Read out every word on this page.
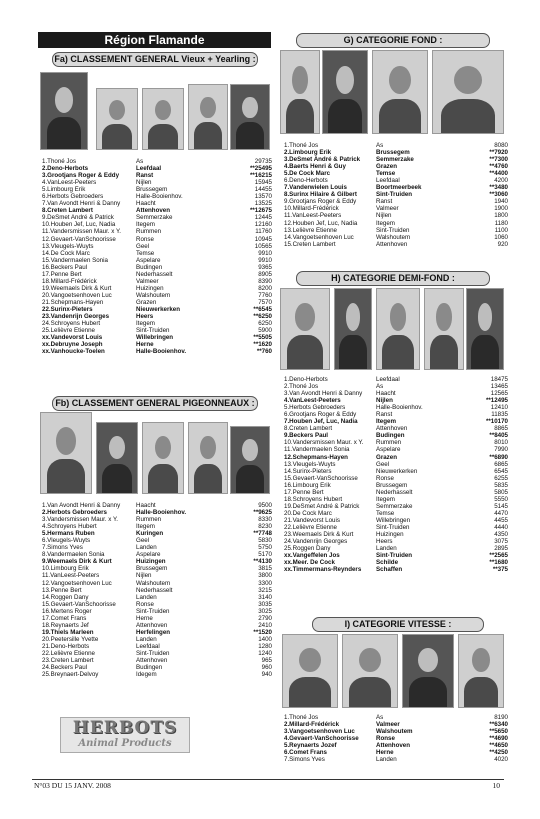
Région Flamande
Fa) CLASSEMENT GENERAL Vieux + Yearling :
1.Thoné Jos	As	29735
2.Deno-Herbots	Leefdaal	**25495
3.Grootjans Roger & Eddy	Ranst	**16215
4.VanLeest-Peeters	Nijlen	15945
5.Limbourg Erik	Brussegem	14455
6.Herbots Gebroeders	Halle-Booienhov.	13570
7.Van Avondt Henri & Danny	Haacht	13525
8.Creten Lambert	Attenhoven	**12675
9.DeSmet André & Patrick	Semmerzake	12445
10.Houben Jef, Luc, Nadia	Itegem	12160
11.Vandersmissen Maur. x Y.	Rummen	11760
12.Gevaert-VanSchoorisse	Ronse	10945
13.Vleugels-Wuyts	Geel	10565
14.De Cock Marc	Temse	9910
15.Vandermaelen Sonia	Aspelare	9910
16.Beckers Paul	Budingen	9365
17.Penne Bert	Nederhasselt	8905
18.Millard-Frédérick	Valmeer	8390
19.Weemaels Dirk & Kurt	Huizingen	8200
20.Vangoetsenhoven Luc	Walshoutem	7760
21.Schepmans-Hayen	Grazen	7570
22.Surinx-Pieters	Nieuwerkerken	**6545
23.Vandenrijn Georges	Heers	**6250
24.Schroyens Hubert	Itegem	6250
25.Lelièvre Etienne	Sint-Truiden	5900
xx.Vandevorst Louis	Willebringen	**5505
xx.Debruyne Joseph	Herne	**1620
xx.Vanhoucke-Toelen	Halle-Booienhov.	**760
Fb) CLASSEMENT GENERAL PIGEONNEAUX :
1.Van Avondt Henri & Danny	Haacht	9500
2.Herbots Gebroeders	Halle-Booienhov.	**9625
3.Vandersmissen Maur. x Y.	Rummen	8330
4.Schroyens Hubert	Itegem	8230
5.Hermans Ruben	Kuringen	**7748
6.Vleugels-Wuyts	Geel	5830
7.Simons Yves	Landen	5750
8.Vandermaelen Sonia	Aspelare	5170
9.Weemaels Dirk & Kurt	Huizingen	**4130
10.Limbourg Erik	Brussegem	3815
11.VanLeest-Peeters	Nijlen	3800
12.Vangoetsenhoven Luc	Walshoutem	3300
13.Penne Bert	Nederhasselt	3215
14.Roggen Dany	Landen	3140
15.Gevaert-VanSchoorisse	Ronse	3035
16.Mertens Roger	Sint-Truiden	3025
17.Comet Frans	Herne	2790
18.Reynaerts Jef	Attenhoven	2410
19.Thiels Marleen	Herfelingen	**1520
20.Peetersille Yvette	Landen	1400
21.Deno-Herbots	Leefdaal	1280
22.Lelièvre Etienne	Sint-Truiden	1240
23.Creten Lambert	Attenhoven	965
24.Beckers Paul	Budingen	960
25.Breynaert-Delvoy	Idegem	940
HERBOTS
Animal Products
G) CATEGORIE FOND :
1.Thoné Jos	As	8080
2.Limbourg Erik	Brussegem	**7920
3.DeSmet André & Patrick	Semmerzake	**7300
4.Baerts Henri & Guy	Grazen	**4760
5.De Cock Marc	Temse	**4400
6.Deno-Herbots	Leefdaal	4200
7.Vanderwielen Louis	Boortmeerbeek	**3480
8.Surinx Hilaire & Gilbert	Sint-Truiden	**3060
9.Grootjans Roger & Eddy	Ranst	1940
10.Millard-Frédérick	Valmeer	1900
11.VanLeest-Peeters	Nijlen	1800
12.Houben Jef, Luc, Nadia	Itegem	1180
13.Lelièvre Etienne	Sint-Truiden	1100
14.Vangoetsenhoven Luc	Walshoutem	1060
15.Creten Lambert	Attenhoven	920
H) CATEGORIE DEMI-FOND :
1.Deno-Herbots	Leefdaal	18475
2.Thoné Jos	As	13465
3.Van Avondt Henri & Danny	Haacht	12565
4.VanLeest-Peeters	Nijlen	**12495
5.Herbots Gebroeders	Halle-Booienhov.	12410
6.Grootjans Roger & Eddy	Ranst	11835
7.Houben Jef, Luc, Nadia	Itegem	**10170
8.Creten Lambert	Attenhoven	8865
9.Beckers Paul	Budingen	**8405
10.Vandersmissen Maur. x Y.	Rummen	8010
11.Vandermaelen Sonia	Aspelare	7990
12.Schepmans-Hayen	Grazen	**6890
13.Vleugels-Wuyts	Geel	6865
14.Surinx-Pieters	Nieuwerkerken	6545
15.Gevaert-VanSchoorisse	Ronse	6255
16.Limbourg Erik	Brussegem	5835
17.Penne Bert	Nederhasselt	5805
18.Schroyens Hubert	Itegem	5550
19.DeSmet André & Patrick	Semmerzake	5145
20.De Cock Marc	Temse	4470
21.Vandevorst Louis	Willebringen	4455
22.Lelièvre Etienne	Sint-Truiden	4440
23.Weemaels Dirk & Kurt	Huizingen	4350
24.Vandenrijn Georges	Heers	3075
25.Roggen Dany	Landen	2895
xx.Vangeffelen Jos	Sint-Truiden	**2565
xx.Meer. De Cock	Schilde	**1680
xx.Timmermans-Reynders	Schaffen	**375
I) CATEGORIE VITESSE :
1.Thoné Jos	As	8190
2.Millard-Frédérick	Valmeer	**6340
3.Vangoetsenhoven Luc	Walshoutem	**5650
4.Gevaert-VanSchoorisse	Ronse	**4690
5.Reynaerts Jozef	Attenhoven	**4650
6.Comet Frans	Herne	**4250
7.Simons Yves	Landen	4020
N°03 DU 15 JANV. 2008	10
